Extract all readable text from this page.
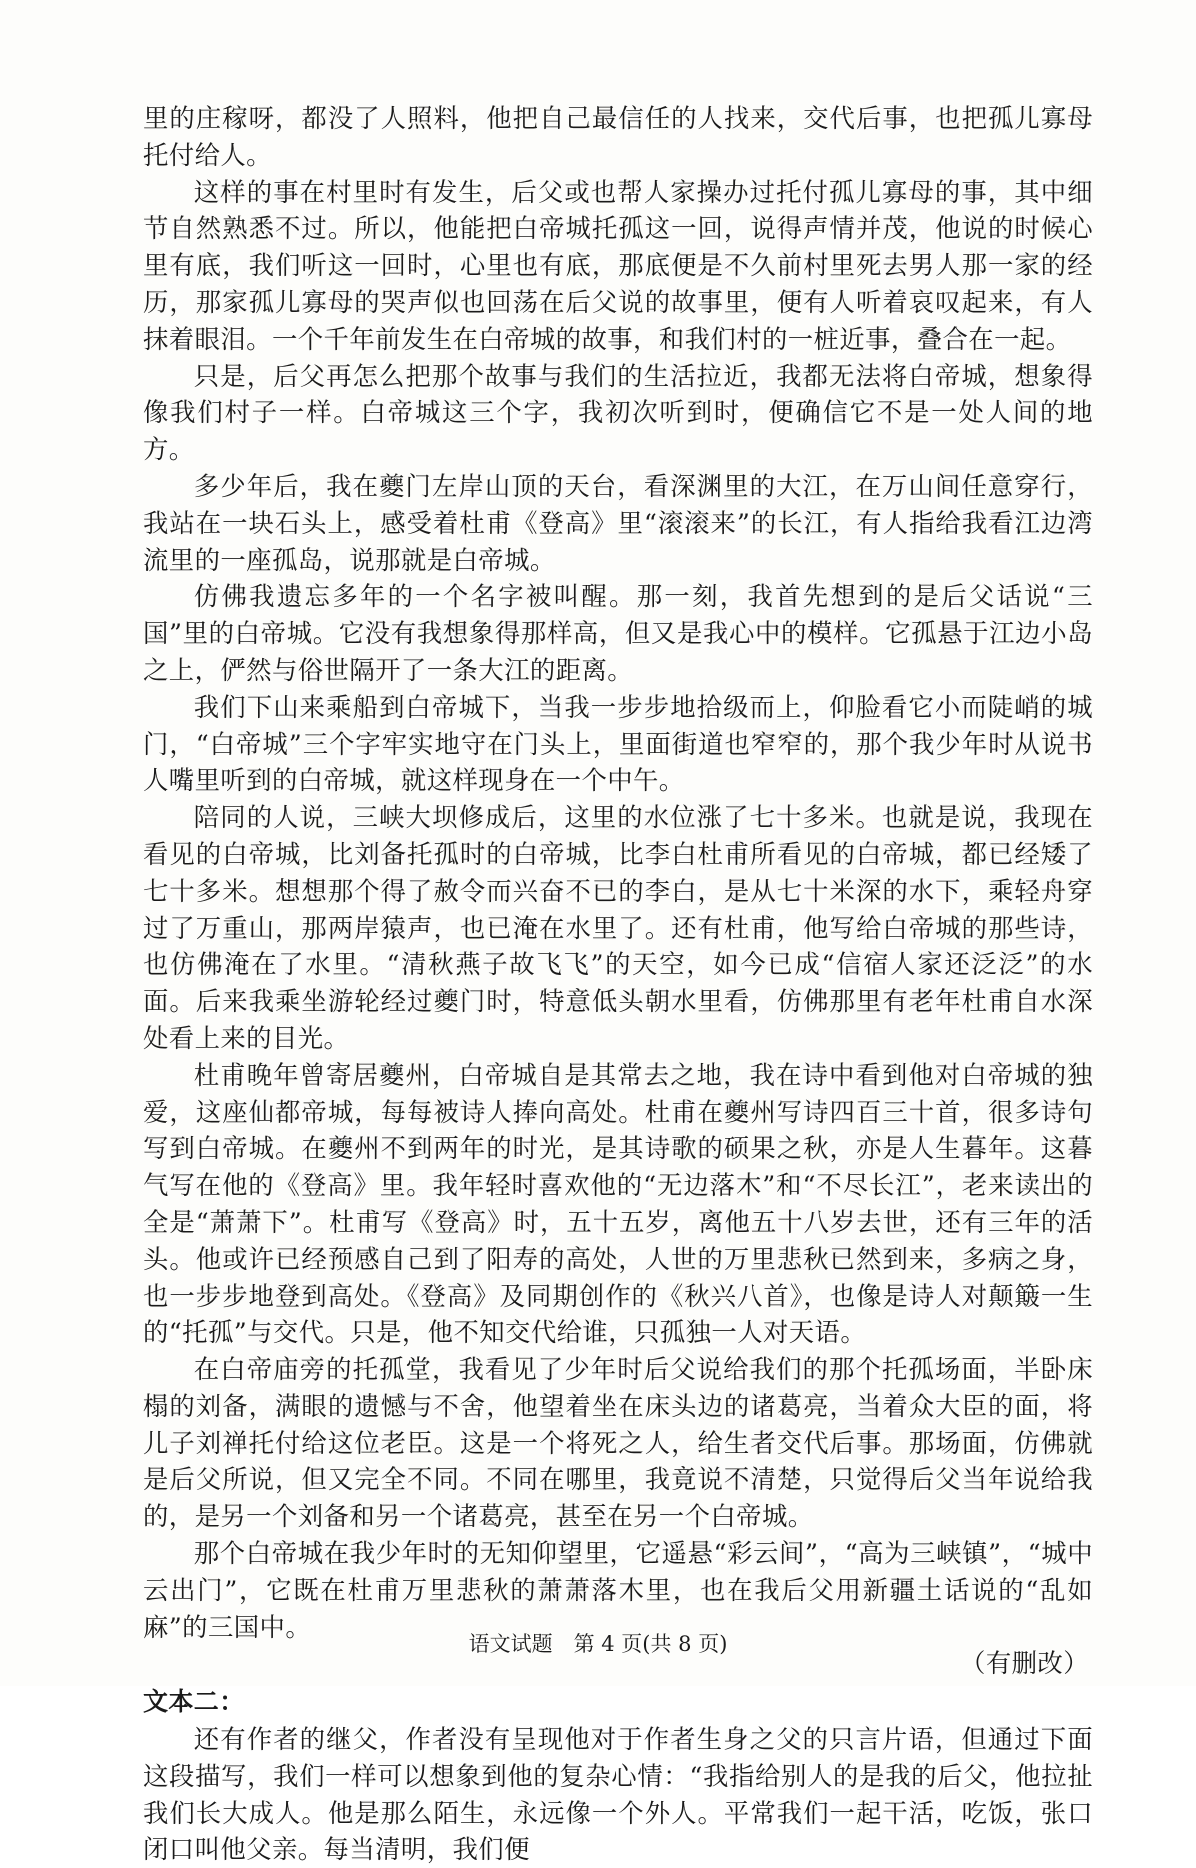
里的庄稼呀，都没了人照料，他把自己最信任的人找来，交代后事，也把孤儿寡母托付给人。

这样的事在村里时有发生，后父或也帮人家操办过托付孤儿寡母的事，其中细节自然熟悉不过。所以，他能把白帝城托孤这一回，说得声情并茂，他说的时候心里有底，我们听这一回时，心里也有底，那底便是不久前村里死去男人那一家的经历，那家孤儿寡母的哭声似也回荡在后父说的故事里，便有人听着哀叹起来，有人抹着眼泪。一个千年前发生在白帝城的故事，和我们村的一桩近事，叠合在一起。

只是，后父再怎么把那个故事与我们的生活拉近，我都无法将白帝城，想象得像我们村子一样。白帝城这三个字，我初次听到时，便确信它不是一处人间的地方。

多少年后，我在夔门左岸山顶的天台，看深渊里的大江，在万山间任意穿行，我站在一块石头上，感受着杜甫《登高》里“滚滚来”的长江，有人指给我看江边湾流里的一座孤岛，说那就是白帝城。

仿佛我遗忘多年的一个名字被叫醒。那一刻，我首先想到的是后父话说“三国”里的白帝城。它没有我想象得那样高，但又是我心中的模样。它孤悬于江边小岛之上，俨然与俗世隔开了一条大江的距离。

我们下山来乘船到白帝城下，当我一步步地拾级而上，仰脸看它小而陡峭的城门，“白帝城”三个字牢实地守在门头上，里面街道也窄窄的，那个我少年时从说书人嘴里听到的白帝城，就这样现身在一个中午。

陪同的人说，三峡大坝修成后，这里的水位涨了七十多米。也就是说，我现在看见的白帝城，比刘备托孤时的白帝城，比李白杜甫所看见的白帝城，都已经矮了七十多米。想想那个得了赦令而兴奋不已的李白，是从七十米深的水下，乘轻舟穿过了万重山，那两岸猿声，也已淹在水里了。还有杜甫，他写给白帝城的那些诗，也仿佛淹在了水里。“清秋燕子故飞飞”的天空，如今已成“信宿人家还泛泛”的水面。后来我乘坐游轮经过夔门时，特意低头朝水里看，仿佛那里有老年杜甫自水深处看上来的目光。

杜甫晚年曾寄居夔州，白帝城自是其常去之地，我在诗中看到他对白帝城的独爱，这座仙都帝城，每每被诗人捧向高处。杜甫在夔州写诗四百三十首，很多诗句写到白帝城。在夔州不到两年的时光，是其诗歌的硕果之秋，亦是人生暮年。这暮气写在他的《登高》里。我年轻时喜欢他的“无边落木”和“不尽长江”，老来读出的全是“萧萧下”。杜甫写《登高》时，五十五岁，离他五十八岁去世，还有三年的活头。他或许已经预感自己到了阳寿的高处，人世的万里悲秋已然到来，多病之身，也一步步地登到高处。《登高》及同期创作的《秋兴八首》，也像是诗人对颠簸一生的“托孤”与交代。只是，他不知交代给谁，只孤独一人对天语。

在白帝庙旁的托孤堂，我看见了少年时后父说给我们的那个托孤场面，半卧床榻的刘备，满眼的遗憾与不舍，他望着坐在床头边的诸葛亮，当着众大臣的面，将儿子刘禅托付给这位老臣。这是一个将死之人，给生者交代后事。那场面，仿佛就是后父所说，但又完全不同。不同在哪里，我竟说不清楚，只觉得后父当年说给我的，是另一个刘备和另一个诸葛亮，甚至在另一个白帝城。

那个白帝城在我少年时的无知仰望里，它遥悬“彩云间”，“高为三峡镇”，“城中云出门”，它既在杜甫万里悲秋的萧萧落木里，也在我后父用新疆土话说的“乱如麻”的三国中。

（有删改）
文本二：

还有作者的继父，作者没有呈现他对于作者生身之父的只言片语，但通过下面这段描写，我们一样可以想象到他的复杂心情：“我指给别人的是我的后父，他拉扯我们长大成人。他是那么陌生，永远像一个外人。平常我们一起干活，吃饭，张口闭口叫他父亲。每当清明，我们便

语文试题　第 4 页(共 8 页)
